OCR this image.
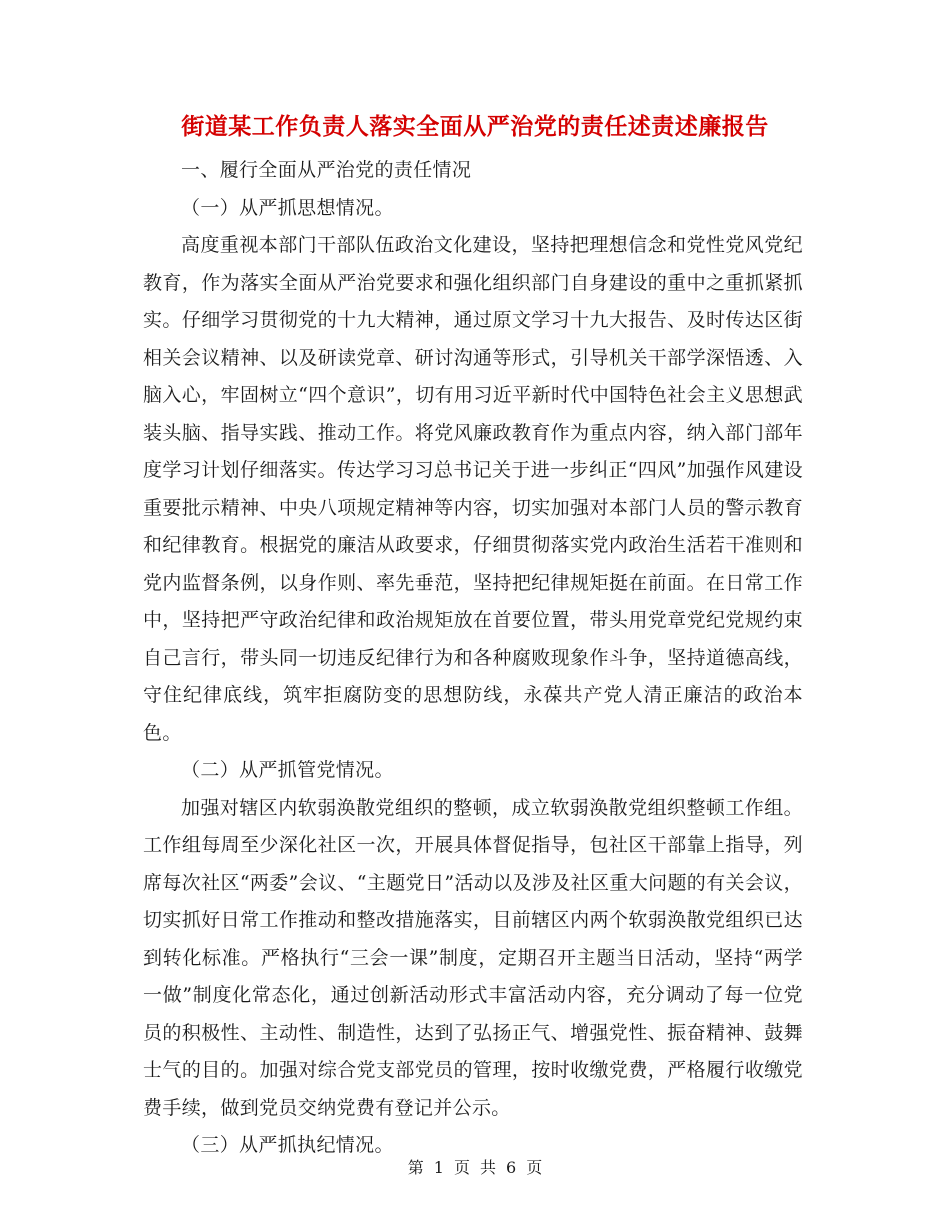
街道某工作负责人落实全面从严治党的责任述责述廉报告

一、履行全面从严治党的责任情况

（一）从严抓思想情况。

高度重视本部门干部队伍政治文化建设，坚持把理想信念和党性党风党纪教育，作为落实全面从严治党要求和强化组织部门自身建设的重中之重抓紧抓实。仔细学习贯彻党的十九大精神，通过原文学习十九大报告、及时传达区街相关会议精神、以及研读党章、研讨沟通等形式，引导机关干部学深悟透、入脑入心，牢固树立“四个意识”，切有用习近平新时代中国特色社会主义思想武装头脑、指导实践、推动工作。将党风廉政教育作为重点内容，纳入部门部年度学习计划仔细落实。传达学习习总书记关于进一步纠正“四风”加强作风建设重要批示精神、中央八项规定精神等内容，切实加强对本部门人员的警示教育和纪律教育。根据党的廉洁从政要求，仔细贯彻落实党内政治生活若干准则和党内监督条例，以身作则、率先垂范，坚持把纪律规矩挺在前面。在日常工作中，坚持把严守政治纪律和政治规矩放在首要位置，带头用党章党纪党规约束自己言行，带头同一切违反纪律行为和各种腐败现象作斗争，坚持道德高线，守住纪律底线，筑牢拒腐防变的思想防线，永葆共产党人清正廉洁的政治本色。

（二）从严抓管党情况。

加强对辖区内软弱涣散党组织的整顿，成立软弱涣散党组织整顿工作组。工作组每周至少深化社区一次，开展具体督促指导，包社区干部靠上指导，列席每次社区“两委”会议、“主题党日”活动以及涉及社区重大问题的有关会议，切实抓好日常工作推动和整改措施落实，目前辖区内两个软弱涣散党组织已达到转化标准。严格执行“三会一课”制度，定期召开主题当日活动，坚持“两学一做”制度化常态化，通过创新活动形式丰富活动内容，充分调动了每一位党员的积极性、主动性、制造性，达到了弘扬正气、增强党性、振奋精神、鼓舞士气的目的。加强对综合党支部党员的管理，按时收缴党费，严格履行收缴党费手续，做到党员交纳党费有登记并公示。

（三）从严抓执纪情况。

第 1 页 共 6 页
